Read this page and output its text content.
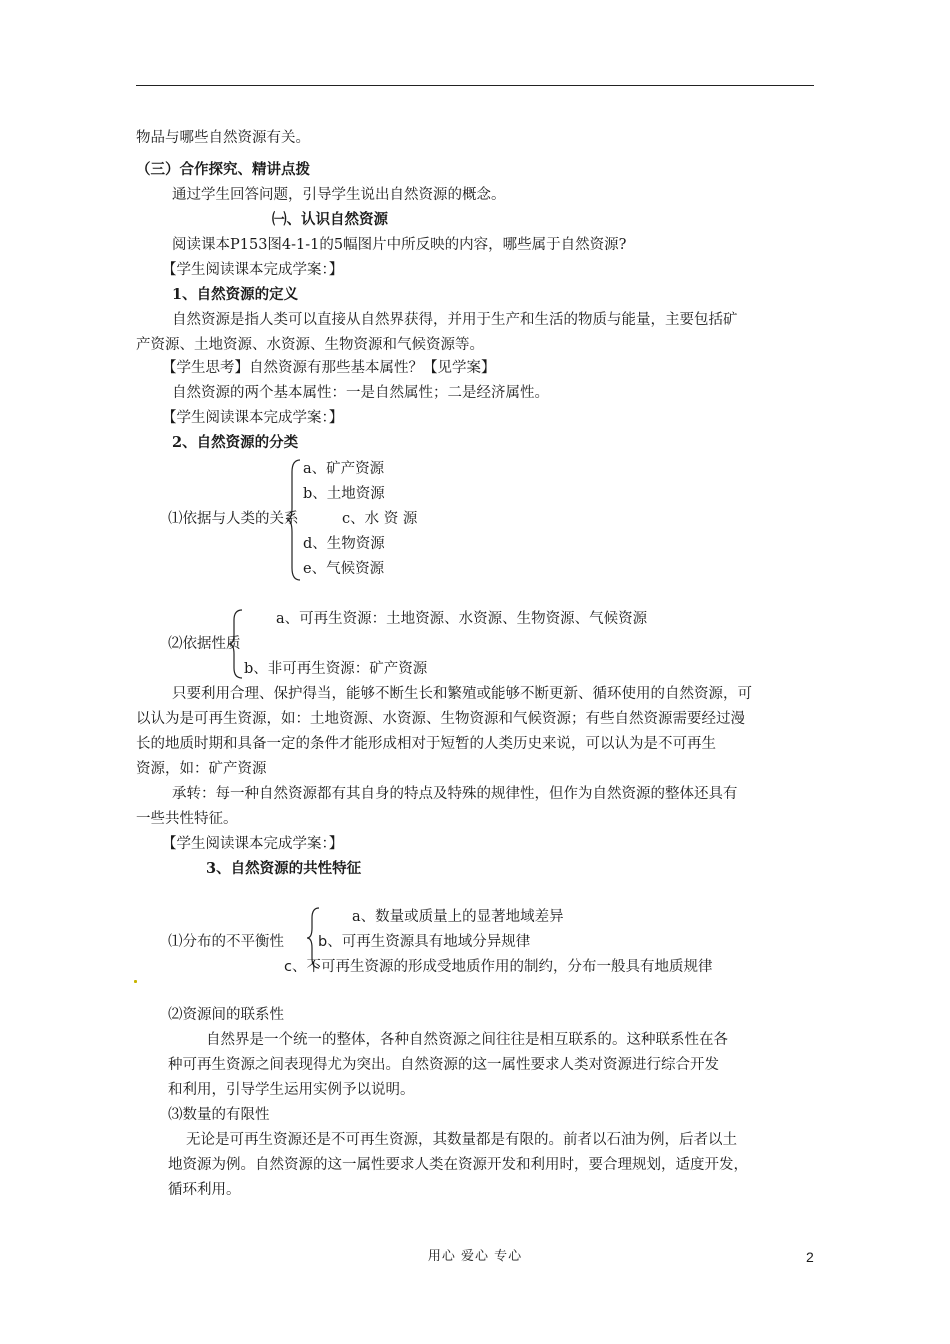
物品与哪些自然资源有关。
（三）合作探究、精讲点拨
通过学生回答问题，引导学生说出自然资源的概念。
㈠、认识自然资源
阅读课本P153图4-1-1的5幅图片中所反映的内容，哪些属于自然资源?
【学生阅读课本完成学案：】
1、自然资源的定义
自然资源是指人类可以直接从自然界获得，并用于生产和生活的物质与能量，主要包括矿
产资源、土地资源、水资源、生物资源和气候资源等。
【学生思考】自然资源有那些基本属性？【见学案】
自然资源的两个基本属性：一是自然属性；二是经济属性。
【学生阅读课本完成学案：】
2、自然资源的分类
a、矿产资源
b、土地资源
⑴依据与人类的关系	c、水 资 源
d、生物资源
e、气候资源
a、可再生资源：土地资源、水资源、生物资源、气候资源
⑵依据性质
b、非可再生资源：矿产资源
只要利用合理、保护得当，能够不断生长和繁殖或能够不断更新、循环使用的自然资源，可
以认为是可再生资源，如：土地资源、水资源、生物资源和气候资源；有些自然资源需要经过漫
长的地质时期和具备一定的条件才能形成相对于短暂的人类历史来说，可以认为是不可再生
资源，如：矿产资源
承转：每一种自然资源都有其自身的特点及特殊的规律性，但作为自然资源的整体还具有
一些共性特征。
【学生阅读课本完成学案：】
3、自然资源的共性特征
a、数量或质量上的显著地域差异
⑴分布的不平衡性 b、可再生资源具有地域分异规律
c、不可再生资源的形成受地质作用的制约，分布一般具有地质规律
⑵资源间的联系性
自然界是一个统一的整体，各种自然资源之间往往是相互联系的。这种联系性在各
种可再生资源之间表现得尤为突出。自然资源的这一属性要求人类对资源进行综合开发
和利用，引导学生运用实例予以说明。
⑶数量的有限性
无论是可再生资源还是不可再生资源，其数量都是有限的。前者以石油为例，后者以土
地资源为例。自然资源的这一属性要求人类在资源开发和利用时，要合理规划，适度开发，
循环利用。
用心 爱心 专心	2
